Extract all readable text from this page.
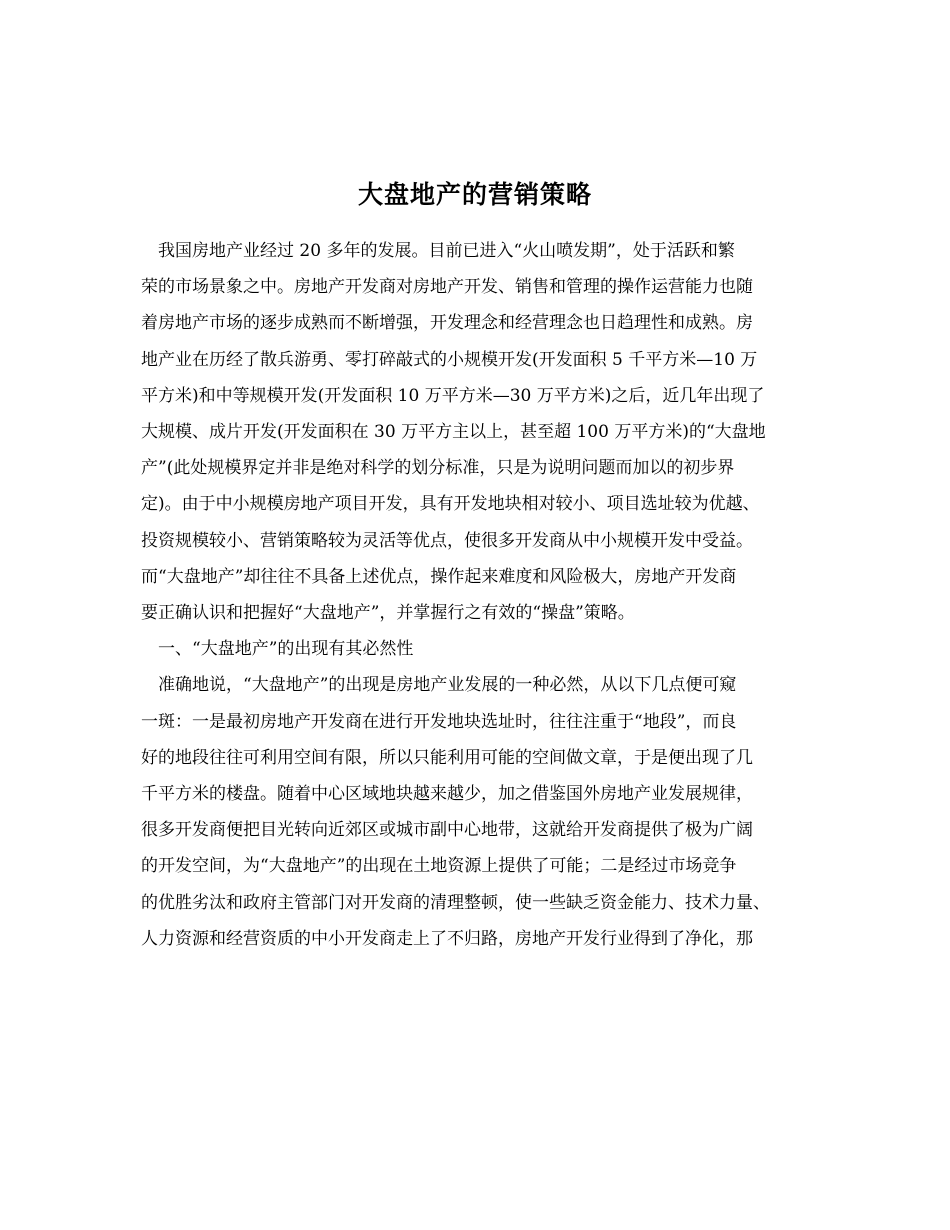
大盘地产的营销策略
　我国房地产业经过 20 多年的发展。目前已进入“火山喷发期”，处于活跃和繁
荣的市场景象之中。房地产开发商对房地产开发、销售和管理的操作运营能力也随
着房地产市场的逐步成熟而不断增强，开发理念和经营理念也日趋理性和成熟。房
地产业在历经了散兵游勇、零打碎敲式的小规模开发(开发面积 5 千平方米—10 万
平方米)和中等规模开发(开发面积 10 万平方米—30 万平方米)之后，近几年出现了
大规模、成片开发(开发面积在 30 万平方主以上，甚至超 100 万平方米)的“大盘地
产”(此处规模界定并非是绝对科学的划分标准，只是为说明问题而加以的初步界
定)。由于中小规模房地产项目开发，具有开发地块相对较小、项目选址较为优越、
投资规模较小、营销策略较为灵活等优点，使很多开发商从中小规模开发中受益。
而“大盘地产”却往往不具备上述优点，操作起来难度和风险极大，房地产开发商
要正确认识和把握好“大盘地产”，并掌握行之有效的“操盘”策略。
　一、“大盘地产”的出现有其必然性
　准确地说，“大盘地产”的出现是房地产业发展的一种必然，从以下几点便可窥
一斑：一是最初房地产开发商在进行开发地块选址时，往往注重于“地段”，而良
好的地段往往可利用空间有限，所以只能利用可能的空间做文章，于是便出现了几
千平方米的楼盘。随着中心区域地块越来越少，加之借鉴国外房地产业发展规律，
很多开发商便把目光转向近郊区或城市副中心地带，这就给开发商提供了极为广阔
的开发空间，为“大盘地产”的出现在土地资源上提供了可能；二是经过市场竞争
的优胜劣汰和政府主管部门对开发商的清理整顿，使一些缺乏资金能力、技术力量、
人力资源和经营资质的中小开发商走上了不归路，房地产开发行业得到了净化，那
